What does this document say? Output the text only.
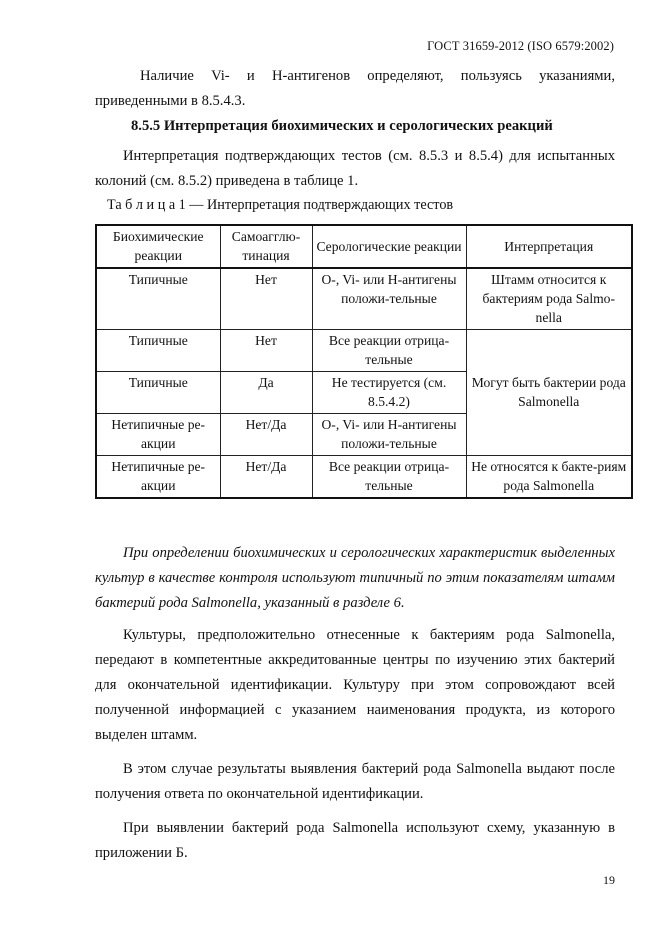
ГОСТ 31659-2012 (ISO 6579:2002)
Наличие Vi- и H-антигенов определяют, пользуясь указаниями, приведенными в 8.5.4.3.
8.5.5 Интерпретация биохимических и серологических реакций
Интерпретация подтверждающих тестов (см. 8.5.3 и 8.5.4) для испытанных колоний (см. 8.5.2) приведена в таблице 1.
Та б л и ц а 1 — Интерпретация подтверждающих тестов
Биохимические реакции	Самоагглю-тинация	Серологические реакции	Интерпретация
Типичные	Нет	O-, Vi- или H-антигены положи-тельные	Штамм относится к бактериям рода Salmo-nella
Типичные	Нет	Все реакции отрица-тельные	Могут быть бактерии рода Salmonella
Типичные	Да	Не тестируется (см. 8.5.4.2)	
Нетипичные ре-акции	Нет/Да	O-, Vi- или H-антигены положи-тельные	
Нетипичные ре-акции	Нет/Да	Все реакции отрица-тельные	Не относятся к бакте-риям рода Salmonella
При определении биохимических и серологических характеристик выделенных культур в качестве контроля используют типичный по этим показателям штамм бактерий рода Salmonella, указанный в разделе 6.
Культуры, предположительно отнесенные к бактериям рода Salmonella, передают в компетентные аккредитованные центры по изучению этих бактерий для окончательной идентификации. Культуру при этом сопровождают всей полученной информацией с указанием наименования продукта, из которого выделен штамм.
В этом случае результаты выявления бактерий рода Salmonella выдают после получения ответа по окончательной идентификации.
При выявлении бактерий рода Salmonella используют схему, указанную в приложении Б.
19
